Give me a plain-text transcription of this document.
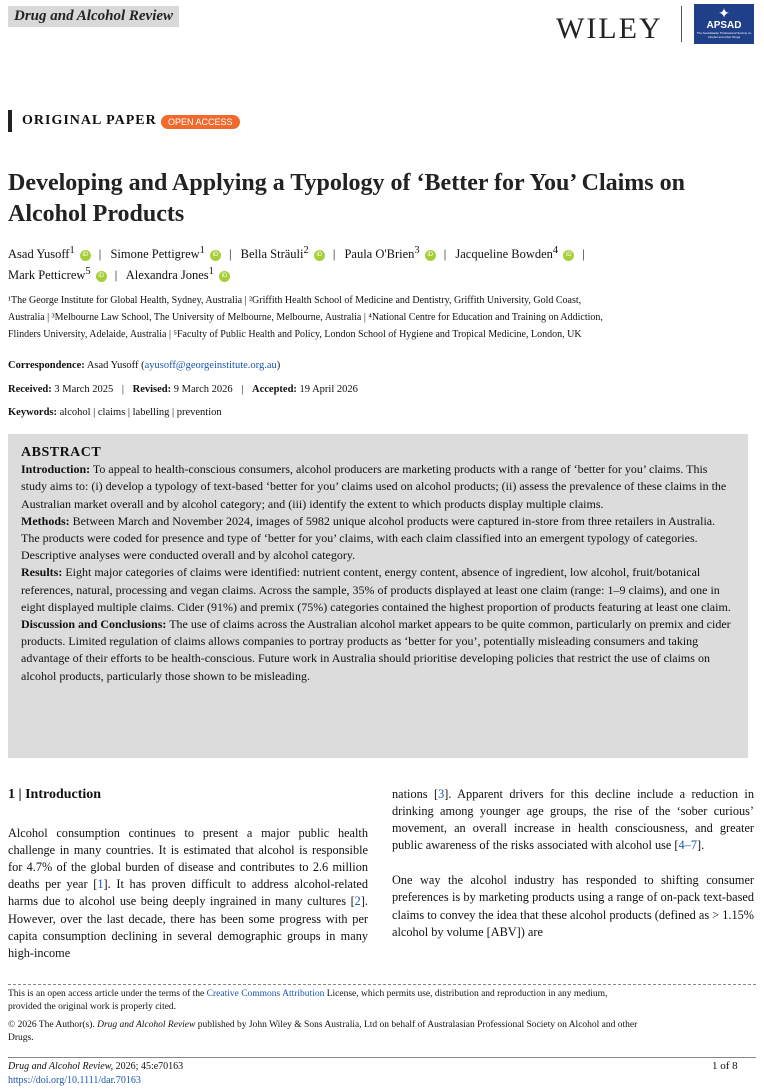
Drug and Alcohol Review	WILEY	✦
APSAD
The Australasian Professional Society on Alcohol and other Drugs
ORIGINAL PAPER	OPEN ACCESS
Developing and Applying a Typology of ‘Better for You’ Claims on Alcohol Products
Asad Yusoff$^1$ iD | Simone Pettigrew$^1$ iD | Bella Sträuli$^2$ iD | Paula O'Brien$^3$ iD | Jacqueline Bowden$^4$ iD |
Mark Petticrew$^5$ iD | Alexandra Jones$^1$ iD
¹The George Institute for Global Health, Sydney, Australia | ²Griffith Health School of Medicine and Dentistry, Griffith University, Gold Coast,
Australia | ³Melbourne Law School, The University of Melbourne, Melbourne, Australia | ⁴National Centre for Education and Training on Addiction,
Flinders University, Adelaide, Australia | ⁵Faculty of Public Health and Policy, London School of Hygiene and Tropical Medicine, London, UK
Correspondence: Asad Yusoff (ayusoff@georgeinstitute.org.au)
Received: 3 March 2025 | Revised: 9 March 2026 | Accepted: 19 April 2026
Keywords: alcohol | claims | labelling | prevention
ABSTRACT

Introduction: To appeal to health-conscious consumers, alcohol producers are marketing products with a range of ‘better for you’ claims. This study aims to: (i) develop a typology of text-based ‘better for you’ claims used on alcohol products; (ii) assess the prevalence of these claims in the Australian market overall and by alcohol category; and (iii) identify the extent to which products display multiple claims.

Methods: Between March and November 2024, images of 5982 unique alcohol products were captured in-store from three retailers in Australia. The products were coded for presence and type of ‘better for you’ claims, with each claim classified into an emergent typology of categories. Descriptive analyses were conducted overall and by alcohol category.

Results: Eight major categories of claims were identified: nutrient content, energy content, absence of ingredient, low alcohol, fruit/botanical references, natural, processing and vegan claims. Across the sample, 35% of products displayed at least one claim (range: 1–9 claims), and one in eight displayed multiple claims. Cider (91%) and premix (75%) categories contained the highest proportion of products featuring at least one claim.

Discussion and Conclusions: The use of claims across the Australian alcohol market appears to be quite common, particularly on premix and cider products. Limited regulation of claims allows companies to portray products as ‘better for you’, potentially misleading consumers and taking advantage of their efforts to be health-conscious. Future work in Australia should prioritise developing policies that restrict the use of claims on alcohol products, particularly those shown to be misleading.

1 | Introduction

Alcohol consumption continues to present a major public health challenge in many countries. It is estimated that alcohol is responsible for 4.7% of the global burden of disease and contributes to 2.6 million deaths per year [1]. It has proven difficult to address alcohol-related harms due to alcohol use being deeply ingrained in many cultures [2]. However, over the last decade, there has been some progress with per capita consumption declining in several demographic groups in many high-income

nations [3]. Apparent drivers for this decline include a reduction in drinking among younger age groups, the rise of the ‘sober curious’ movement, an overall increase in health consciousness, and greater public awareness of the risks associated with alcohol use [4–7].

One way the alcohol industry has responded to shifting consumer preferences is by marketing products using a range of on-pack text-based claims to convey the idea that these alcohol products (defined as > 1.15% alcohol by volume [ABV]) are

This is an open access article under the terms of the Creative Commons Attribution License, which permits use, distribution and reproduction in any medium,
provided the original work is properly cited.
© 2026 The Author(s). Drug and Alcohol Review published by John Wiley & Sons Australia, Ltd on behalf of Australasian Professional Society on Alcohol and other
Drugs.
Drug and Alcohol Review, 2026; 45:e70163
https://doi.org/10.1111/dar.70163
1 of 8
